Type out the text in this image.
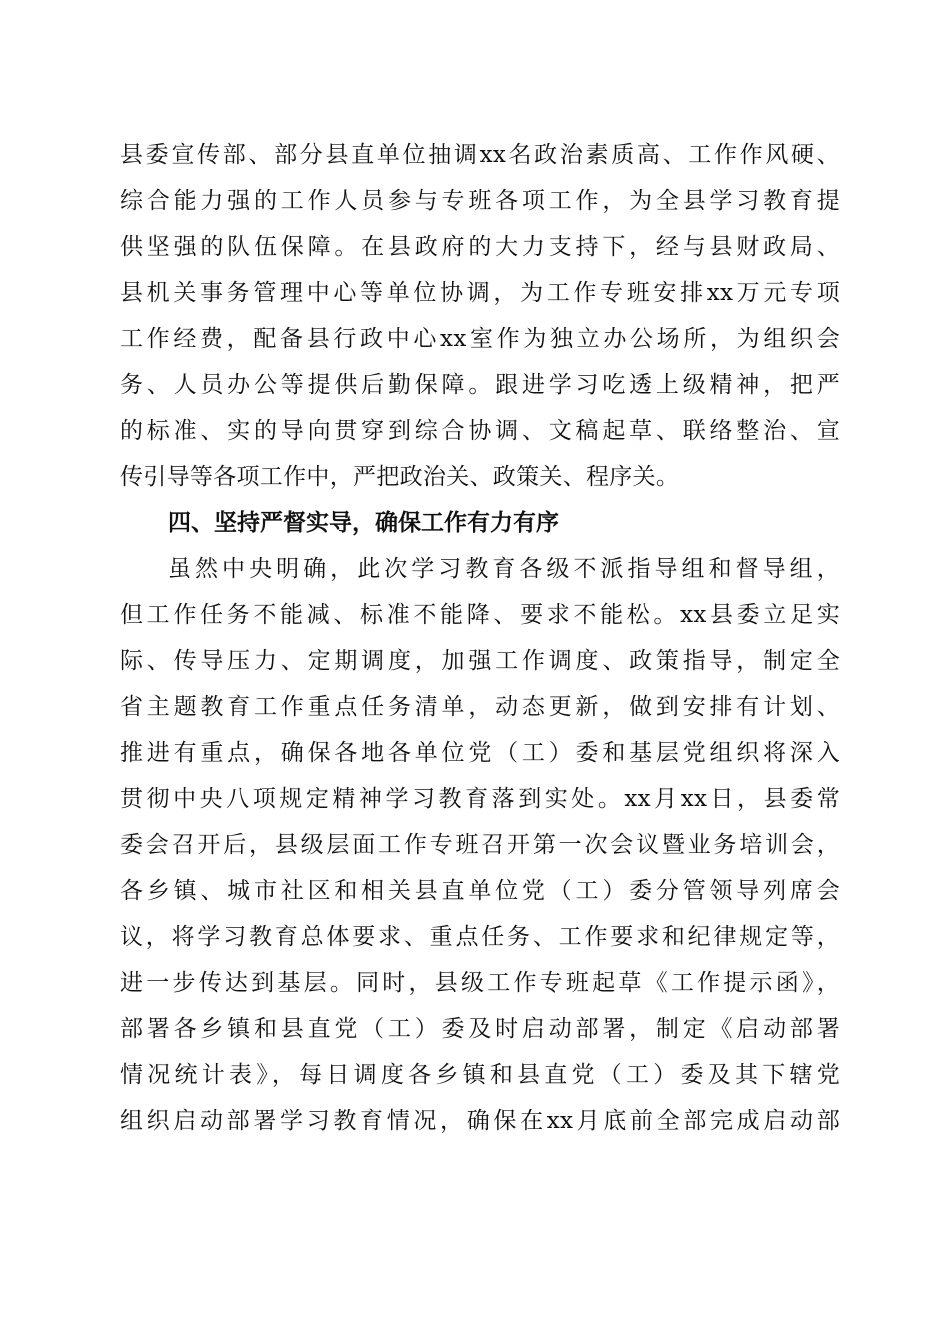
县委宣传部、部分县直单位抽调xx名政治素质高、工作作风硬、
综合能力强的工作人员参与专班各项工作，为全县学习教育提
供坚强的队伍保障。在县政府的大力支持下，经与县财政局、
县机关事务管理中心等单位协调，为工作专班安排xx万元专项
工作经费，配备县行政中心xx室作为独立办公场所，为组织会
务、人员办公等提供后勤保障。跟进学习吃透上级精神，把严
的标准、实的导向贯穿到综合协调、文稿起草、联络整治、宣
传引导等各项工作中，严把政治关、政策关、程序关。
四、坚持严督实导，确保工作有力有序
虽然中央明确，此次学习教育各级不派指导组和督导组，
但工作任务不能减、标准不能降、要求不能松。xx县委立足实
际、传导压力、定期调度，加强工作调度、政策指导，制定全
省主题教育工作重点任务清单，动态更新，做到安排有计划、
推进有重点，确保各地各单位党（工）委和基层党组织将深入
贯彻中央八项规定精神学习教育落到实处。xx月xx日，县委常
委会召开后，县级层面工作专班召开第一次会议暨业务培训会，
各乡镇、城市社区和相关县直单位党（工）委分管领导列席会
议，将学习教育总体要求、重点任务、工作要求和纪律规定等，
进一步传达到基层。同时，县级工作专班起草《工作提示函》，
部署各乡镇和县直党（工）委及时启动部署，制定《启动部署
情况统计表》，每日调度各乡镇和县直党（工）委及其下辖党
组织启动部署学习教育情况，确保在xx月底前全部完成启动部
